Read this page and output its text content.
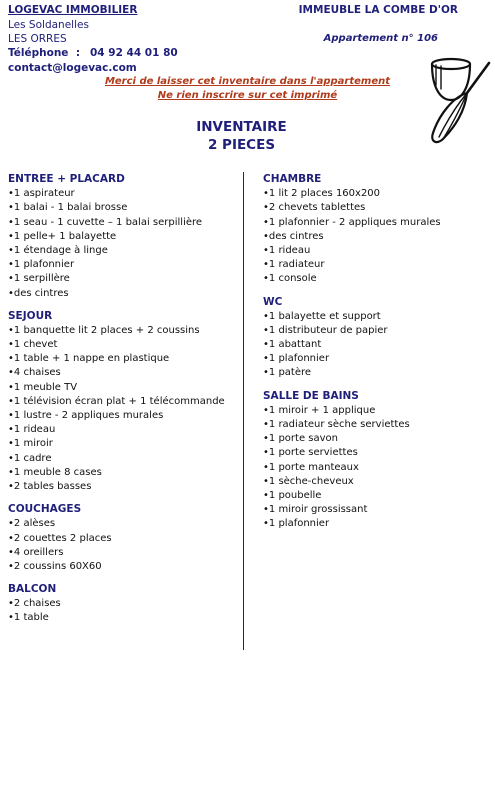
LOGEVAC IMMOBILIER
Les Soldanelles
LES ORRES
Téléphone : 04 92 44 01 80
contact@logevac.com
IMMEUBLE LA COMBE D'OR
Appartement n° 106
Merci de laisser cet inventaire dans l'appartement
Ne rien inscrire sur cet imprimé
INVENTAIRE
2 PIECES
ENTREE + PLACARD
•1 aspirateur
•1 balai - 1 balai brosse
•1 seau - 1 cuvette – 1 balai serpillière
•1 pelle+ 1 balayette
•1 étendage à linge
•1 plafonnier
•1 serpillère
•des cintres
SEJOUR
•1 banquette lit 2 places + 2 coussins
•1 chevet
•1 table + 1 nappe en plastique
•4 chaises
•1 meuble TV
•1 télévision écran plat + 1 télécommande
•1 lustre - 2 appliques murales
•1 rideau
•1 miroir
•1 cadre
•1 meuble 8 cases
•2 tables basses
COUCHAGES
•2 alèses
•2 couettes 2 places
•4 oreillers
•2 coussins 60X60
BALCON
•2 chaises
•1 table
CHAMBRE
•1 lit 2 places 160x200
•2 chevets tablettes
•1 plafonnier - 2 appliques murales
•des cintres
•1 rideau
•1 radiateur
•1 console
WC
•1 balayette et support
•1 distributeur de papier
•1 abattant
•1 plafonnier
•1 patère
SALLE DE BAINS
•1 miroir + 1 applique
•1 radiateur sèche serviettes
•1 porte savon
•1 porte serviettes
•1 porte manteaux
•1 sèche-cheveux
•1 poubelle
•1 miroir grossissant
•1 plafonnier
